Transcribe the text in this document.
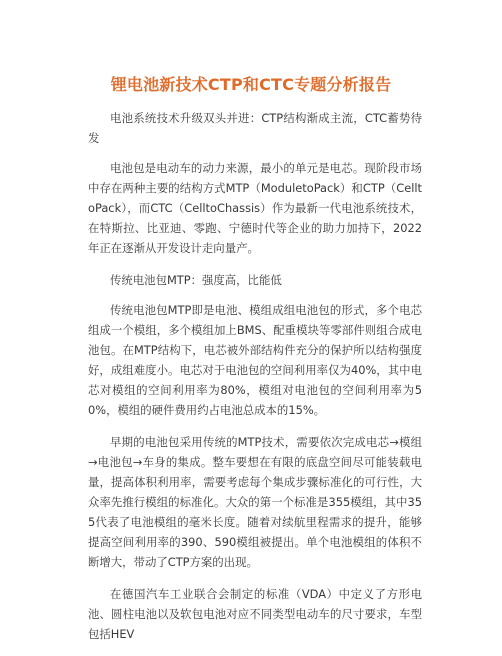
锂电池新技术CTP和CTC专题分析报告

电池系统技术升级双头并进：CTP结构渐成主流，CTC蓄势待发

电池包是电动车的动力来源，最小的单元是电芯。现阶段市场中存在两种主要的结构方式MTP（ModuletoPack）和CTP（CelltoPack），而CTC（CelltoChassis）作为最新一代电池系统技术，在特斯拉、比亚迪、零跑、宁德时代等企业的助力加持下，2022年正在逐渐从开发设计走向量产。

传统电池包MTP：强度高，比能低

传统电池包MTP即是电池、模组成组电池包的形式，多个电芯组成一个模组，多个模组加上BMS、配重模块等零部件则组合成电池包。在MTP结构下，电芯被外部结构件充分的保护所以结构强度好，成组难度小。电芯对于电池包的空间利用率仅为40%，其中电芯对模组的空间利用率为80%，模组对电池包的空间利用率为50%，模组的硬件费用约占电池总成本的15%。

早期的电池包采用传统的MTP技术，需要依次完成电芯→模组→电池包→车身的集成。整车要想在有限的底盘空间尽可能装载电量，提高体积利用率，需要考虑每个集成步骤标准化的可行性，大众率先推行模组的标准化。大众的第一个标准是355模组，其中355代表了电池模组的毫米长度。随着对续航里程需求的提升，能够提高空间利用率的390、590模组被提出。单个电池模组的体积不断增大，带动了CTP方案的出现。

在德国汽车工业联合会制定的标准（VDA）中定义了方形电池、圆柱电池以及软包电池对应不同类型电动车的尺寸要求，车型包括HEV
